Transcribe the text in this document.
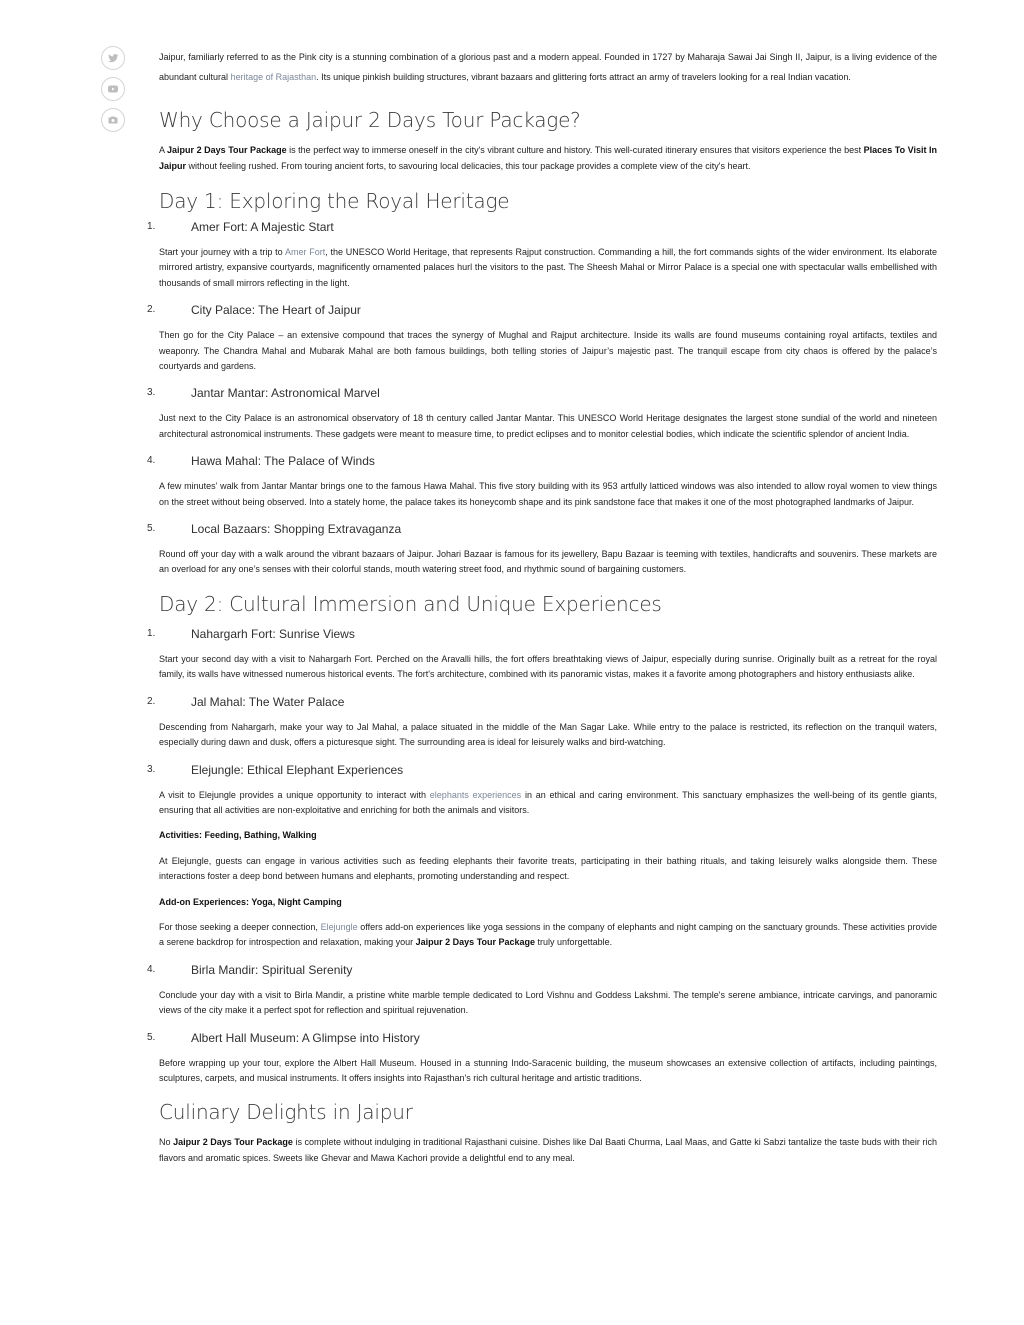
Jaipur, familiarly referred to as the Pink city is a stunning combination of a glorious past and a modern appeal. Founded in 1727 by Maharaja Sawai Jai Singh II, Jaipur, is a living evidence of the abundant cultural heritage of Rajasthan. Its unique pinkish building structures, vibrant bazaars and glittering forts attract an army of travelers looking for a real Indian vacation.

Why Choose a Jaipur 2 Days Tour Package?

A Jaipur 2 Days Tour Package is the perfect way to immerse oneself in the city's vibrant culture and history. This well-curated itinerary ensures that visitors experience the best Places To Visit In Jaipur without feeling rushed. From touring ancient forts, to savouring local delicacies, this tour package provides a complete view of the city's heart.

Day 1: Exploring the Royal Heritage
1.	Amer Fort: A Majestic Start

Start your journey with a trip to Amer Fort, the UNESCO World Heritage, that represents Rajput construction. Commanding a hill, the fort commands sights of the wider environment. Its elaborate mirrored artistry, expansive courtyards, magnificently ornamented palaces hurl the visitors to the past. The Sheesh Mahal or Mirror Palace is a special one with spectacular walls embellished with thousands of small mirrors reflecting in the light.

2.	City Palace: The Heart of Jaipur

Then go for the City Palace – an extensive compound that traces the synergy of Mughal and Rajput architecture. Inside its walls are found museums containing royal artifacts, textiles and weaponry. The Chandra Mahal and Mubarak Mahal are both famous buildings, both telling stories of Jaipur’s majestic past. The tranquil escape from city chaos is offered by the palace’s courtyards and gardens.

3.	Jantar Mantar: Astronomical Marvel

Just next to the City Palace is an astronomical observatory of 18 th century called Jantar Mantar. This UNESCO World Heritage designates the largest stone sundial of the world and nineteen architectural astronomical instruments. These gadgets were meant to measure time, to predict eclipses and to monitor celestial bodies, which indicate the scientific splendor of ancient India.

4.	Hawa Mahal: The Palace of Winds

A few minutes’ walk from Jantar Mantar brings one to the famous Hawa Mahal. This five story building with its 953 artfully latticed windows was also intended to allow royal women to view things on the street without being observed. Into a stately home, the palace takes its honeycomb shape and its pink sandstone face that makes it one of the most photographed landmarks of Jaipur.

5.	Local Bazaars: Shopping Extravaganza

Round off your day with a walk around the vibrant bazaars of Jaipur. Johari Bazaar is famous for its jewellery, Bapu Bazaar is teeming with textiles, handicrafts and souvenirs. These markets are an overload for any one’s senses with their colorful stands, mouth watering street food, and rhythmic sound of bargaining customers.

Day 2: Cultural Immersion and Unique Experiences
1.	Nahargarh Fort: Sunrise Views

Start your second day with a visit to Nahargarh Fort. Perched on the Aravalli hills, the fort offers breathtaking views of Jaipur, especially during sunrise. Originally built as a retreat for the royal family, its walls have witnessed numerous historical events. The fort's architecture, combined with its panoramic vistas, makes it a favorite among photographers and history enthusiasts alike.

2.	Jal Mahal: The Water Palace

Descending from Nahargarh, make your way to Jal Mahal, a palace situated in the middle of the Man Sagar Lake. While entry to the palace is restricted, its reflection on the tranquil waters, especially during dawn and dusk, offers a picturesque sight. The surrounding area is ideal for leisurely walks and bird-watching.

3.	Elejungle: Ethical Elephant Experiences

A visit to Elejungle provides a unique opportunity to interact with elephants experiences in an ethical and caring environment. This sanctuary emphasizes the well-being of its gentle giants, ensuring that all activities are non-exploitative and enriching for both the animals and visitors.

Activities: Feeding, Bathing, Walking

At Elejungle, guests can engage in various activities such as feeding elephants their favorite treats, participating in their bathing rituals, and taking leisurely walks alongside them. These interactions foster a deep bond between humans and elephants, promoting understanding and respect.

Add-on Experiences: Yoga, Night Camping

For those seeking a deeper connection, Elejungle offers add-on experiences like yoga sessions in the company of elephants and night camping on the sanctuary grounds. These activities provide a serene backdrop for introspection and relaxation, making your Jaipur 2 Days Tour Package truly unforgettable.

4.	Birla Mandir: Spiritual Serenity

Conclude your day with a visit to Birla Mandir, a pristine white marble temple dedicated to Lord Vishnu and Goddess Lakshmi. The temple's serene ambiance, intricate carvings, and panoramic views of the city make it a perfect spot for reflection and spiritual rejuvenation.

5.	Albert Hall Museum: A Glimpse into History

Before wrapping up your tour, explore the Albert Hall Museum. Housed in a stunning Indo-Saracenic building, the museum showcases an extensive collection of artifacts, including paintings, sculptures, carpets, and musical instruments. It offers insights into Rajasthan's rich cultural heritage and artistic traditions.

Culinary Delights in Jaipur

No Jaipur 2 Days Tour Package is complete without indulging in traditional Rajasthani cuisine. Dishes like Dal Baati Churma, Laal Maas, and Gatte ki Sabzi tantalize the taste buds with their rich flavors and aromatic spices. Sweets like Ghevar and Mawa Kachori provide a delightful end to any meal.
